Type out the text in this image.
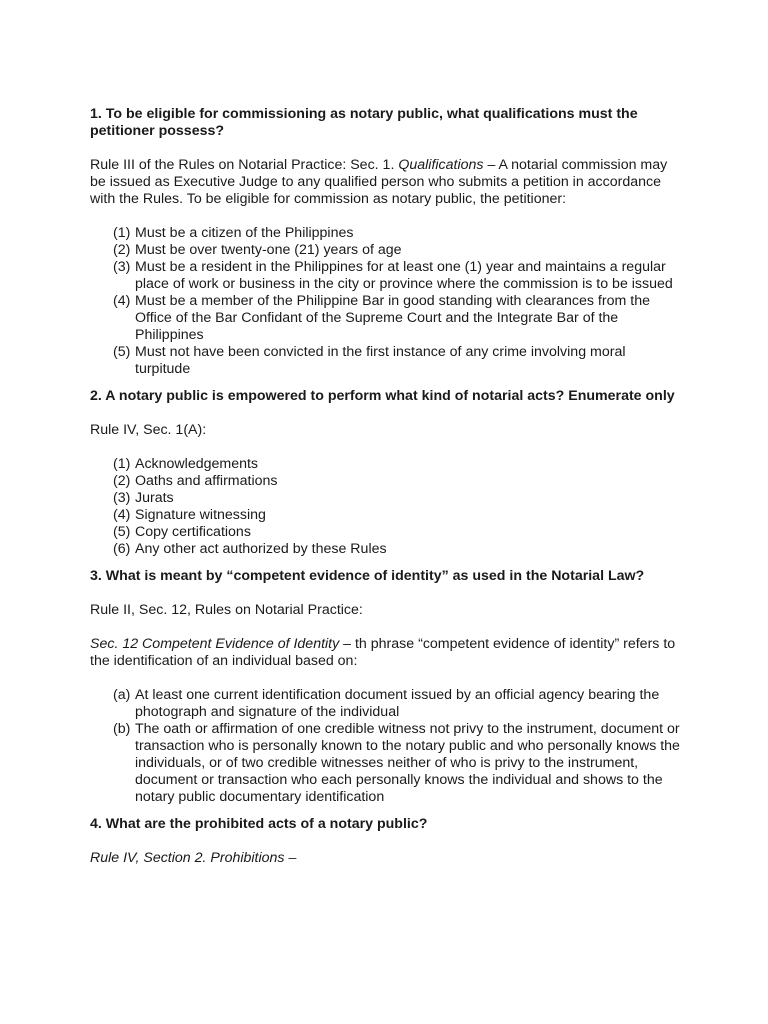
1. To be eligible for commissioning as notary public, what qualifications must the petitioner possess?

Rule III of the Rules on Notarial Practice: Sec. 1. Qualifications – A notarial commission may be issued as Executive Judge to any qualified person who submits a petition in accordance with the Rules. To be eligible for commission as notary public, the petitioner:

(1) Must be a citizen of the Philippines
(2) Must be over twenty-one (21) years of age
(3) Must be a resident in the Philippines for at least one (1) year and maintains a regular place of work or business in the city or province where the commission is to be issued
(4) Must be a member of the Philippine Bar in good standing with clearances from the Office of the Bar Confidant of the Supreme Court and the Integrate Bar of the Philippines
(5) Must not have been convicted in the first instance of any crime involving moral turpitude
2. A notary public is empowered to perform what kind of notarial acts? Enumerate only

Rule IV, Sec. 1(A):

(1) Acknowledgements
(2) Oaths and affirmations
(3) Jurats
(4) Signature witnessing
(5) Copy certifications
(6) Any other act authorized by these Rules
3. What is meant by “competent evidence of identity” as used in the Notarial Law?

Rule II, Sec. 12, Rules on Notarial Practice:

Sec. 12 Competent Evidence of Identity – th phrase “competent evidence of identity” refers to the identification of an individual based on:

(a) At least one current identification document issued by an official agency bearing the photograph and signature of the individual
(b) The oath or affirmation of one credible witness not privy to the instrument, document or transaction who is personally known to the notary public and who personally knows the individuals, or of two credible witnesses neither of who is privy to the instrument, document or transaction who each personally knows the individual and shows to the notary public documentary identification
4. What are the prohibited acts of a notary public?

Rule IV, Section 2. Prohibitions –
